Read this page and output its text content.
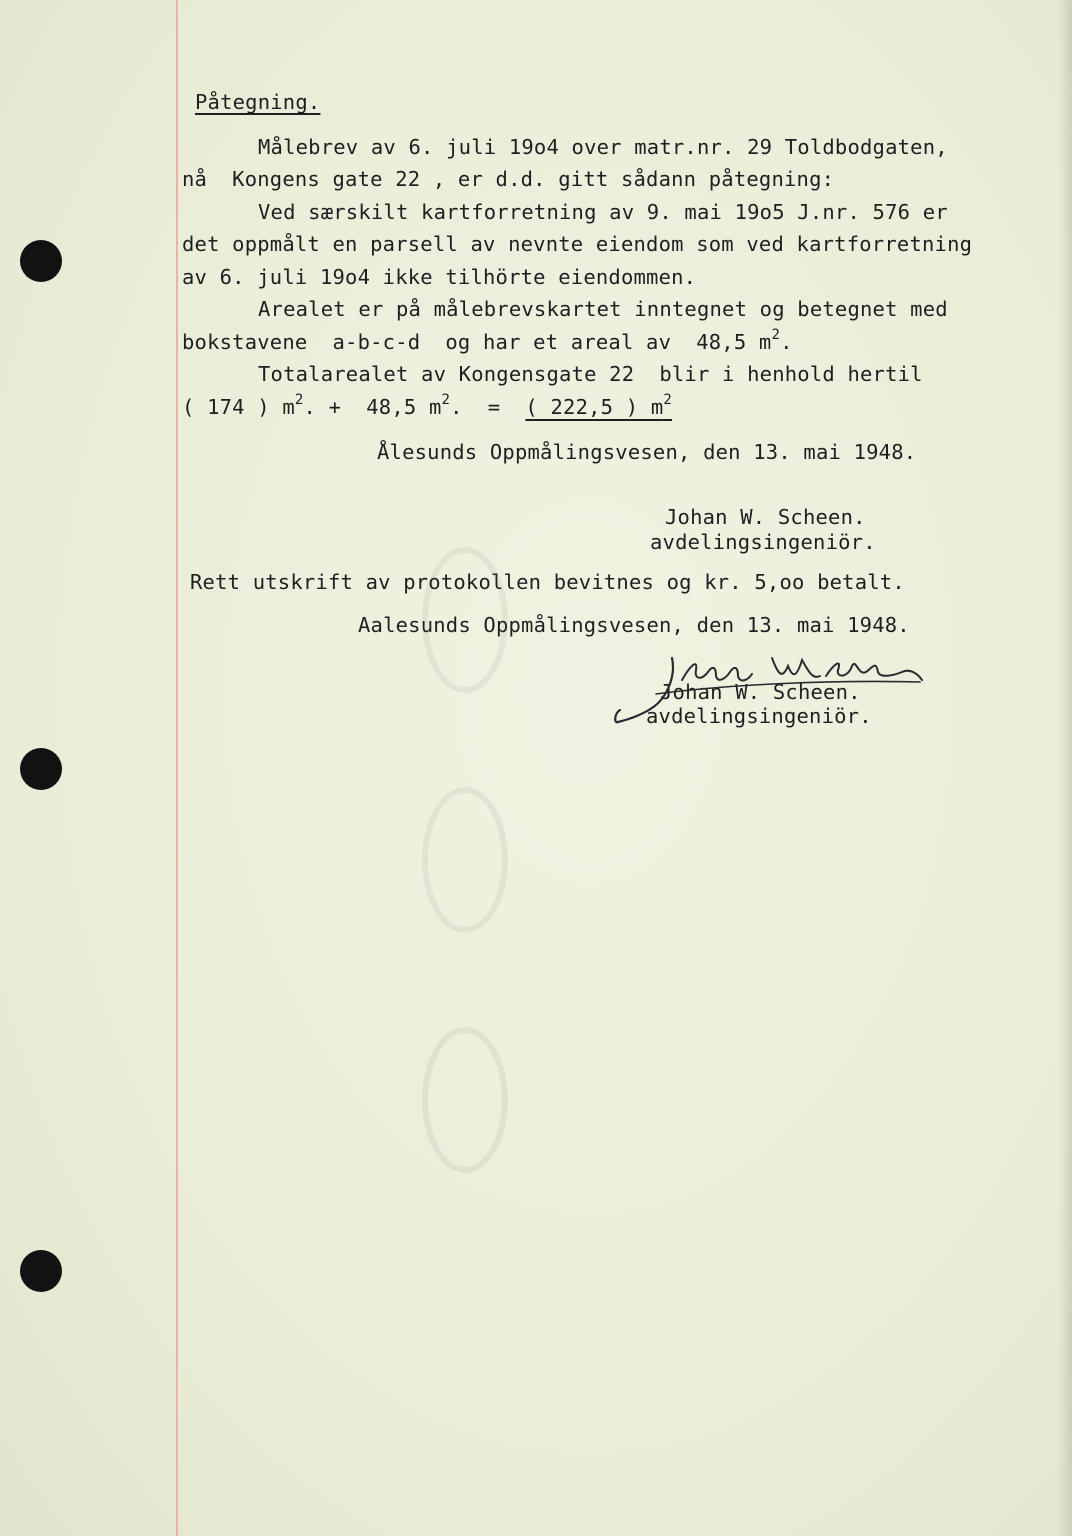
Påtegning.
Målebrev av 6. juli 19o4 over matr.nr. 29 Toldbodgaten,
nå  Kongens gate 22 , er d.d. gitt sådann påtegning:
Ved særskilt kartforretning av 9. mai 19o5 J.nr. 576 er
det oppmålt en parsell av nevnte eiendom som ved kartforretning
av 6. juli 19o4 ikke tilhörte eiendommen.
Arealet er på målebrevskartet inntegnet og betegnet med
bokstavene  a-b-c-d  og har et areal av  48,5 $m^2$.
Totalarealet av Kongensgate 22  blir i henhold hertil
( 174 ) $m^2$. +  48,5 $m^2$.  =  ( 222,5 ) $m^2$
Ålesunds Oppmålingsvesen, den 13. mai 1948.
Johan W. Scheen.
avdelingsingeniör.
Rett utskrift av protokollen bevitnes og kr. 5,oo betalt.
Aalesunds Oppmålingsvesen, den 13. mai 1948.
Johan W. Scheen.
avdelingsingeniör.
